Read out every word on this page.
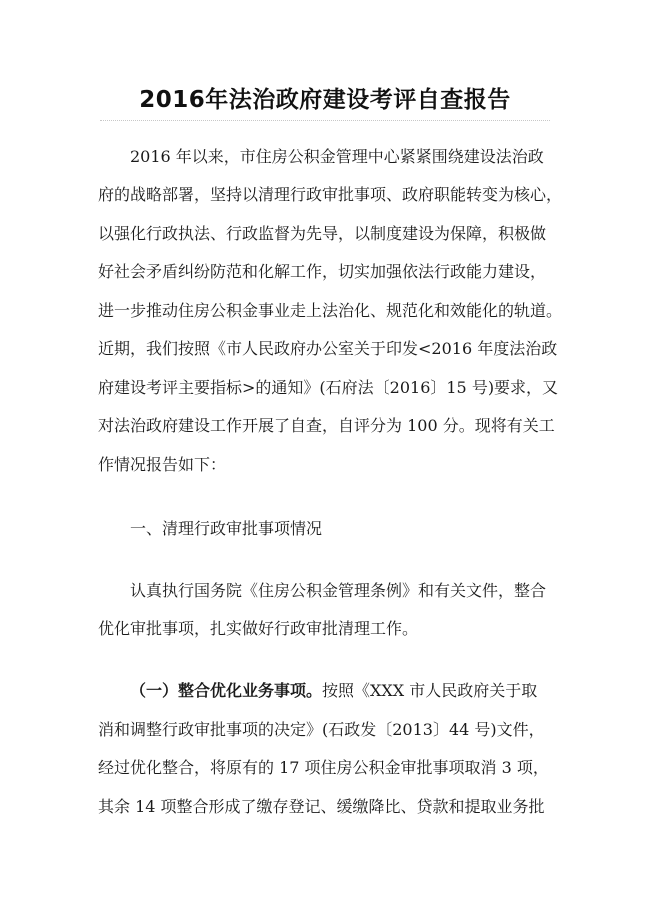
2016年法治政府建设考评自查报告
2016 年以来，市住房公积金管理中心紧紧围绕建设法治政
府的战略部署，坚持以清理行政审批事项、政府职能转变为核心，
以强化行政执法、行政监督为先导，以制度建设为保障，积极做
好社会矛盾纠纷防范和化解工作，切实加强依法行政能力建设，
进一步推动住房公积金事业走上法治化、规范化和效能化的轨道。
近期，我们按照《市人民政府办公室关于印发<2016 年度法治政
府建设考评主要指标>的通知》(石府法〔2016〕15 号)要求，又
对法治政府建设工作开展了自查，自评分为 100 分。现将有关工
作情况报告如下：
一、清理行政审批事项情况
认真执行国务院《住房公积金管理条例》和有关文件，整合
优化审批事项，扎实做好行政审批清理工作。
（一）整合优化业务事项。按照《XXX 市人民政府关于取
消和调整行政审批事项的决定》(石政发〔2013〕44 号)文件，
经过优化整合，将原有的 17 项住房公积金审批事项取消 3 项，
其余 14 项整合形成了缴存登记、缓缴降比、贷款和提取业务批
